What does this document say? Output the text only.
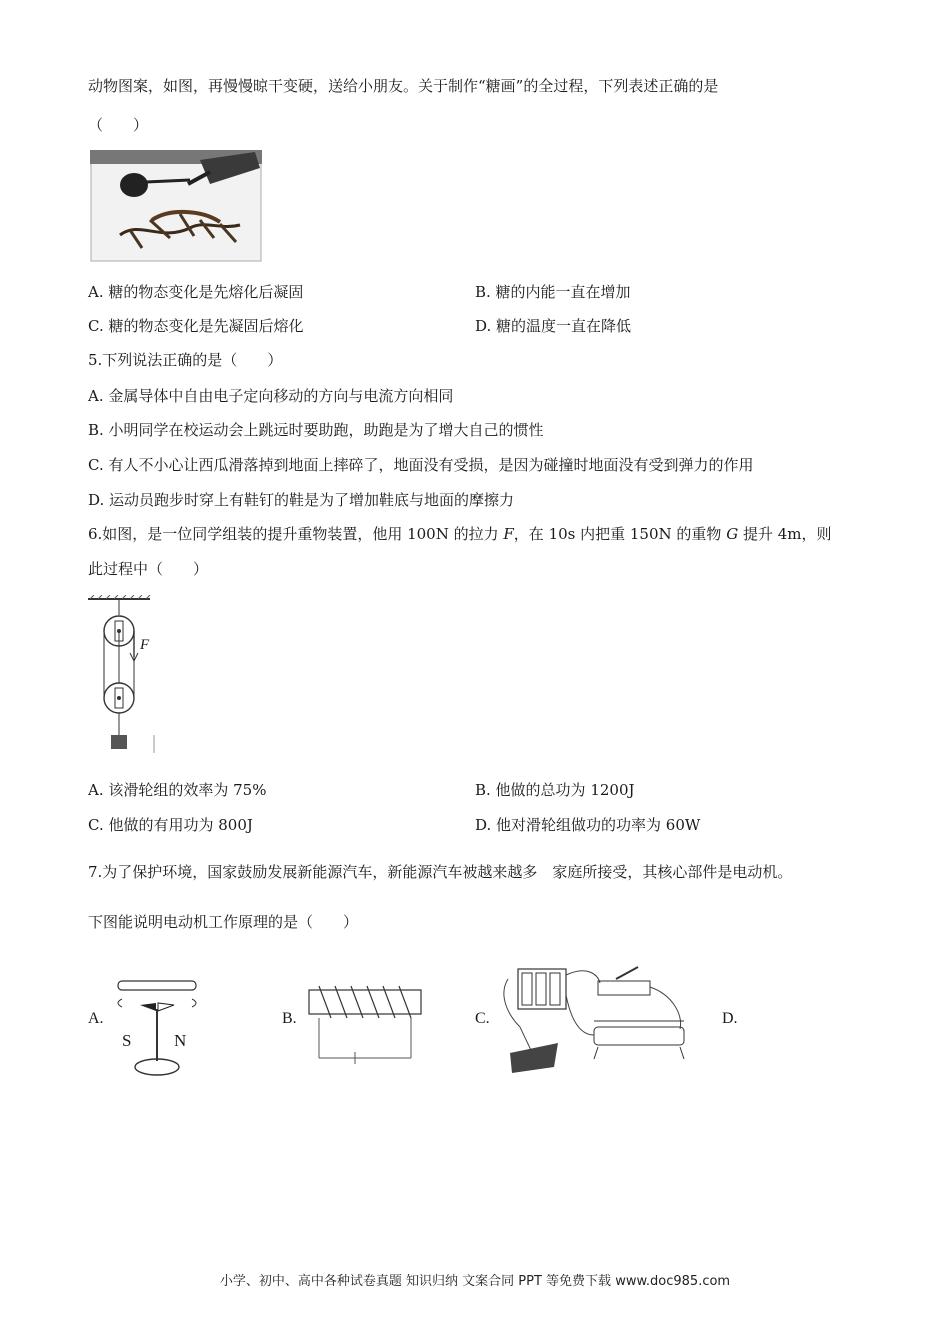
动物图案，如图，再慢慢晾干变硬，送给小朋友。关于制作“糖画”的全过程，下列表述正确的是
（　　）
A. 糖的物态变化是先熔化后凝固	B. 糖的内能一直在增加
C. 糖的物态变化是先凝固后熔化	D. 糖的温度一直在降低
5.下列说法正确的是（　　）
A. 金属导体中自由电子定向移动的方向与电流方向相同
B. 小明同学在校运动会上跳远时要助跑，助跑是为了增大自己的惯性
C. 有人不小心让西瓜滑落掉到地面上摔碎了，地面没有受损，是因为碰撞时地面没有受到弹力的作用
D. 运动员跑步时穿上有鞋钉的鞋是为了增加鞋底与地面的摩擦力
6.如图，是一位同学组装的提升重物装置，他用 100N 的拉力 F，在 10s 内把重 150N 的重物 G 提升 4m，则
此过程中（　　）
F
A. 该滑轮组的效率为 75%	B. 他做的总功为 1200J
C. 他做的有用功为 800J	D. 他对滑轮组做功的功率为 60W
7.为了保护环境，国家鼓励发展新能源汽车，新能源汽车被越来越多　家庭所接受，其核心部件是电动机。
下图能说明电动机工作原理的是（　　）
A.
S	N
B.	C.	D.
小学、初中、高中各种试卷真题 知识归纳 文案合同 PPT 等免费下载 www.doc985.com
